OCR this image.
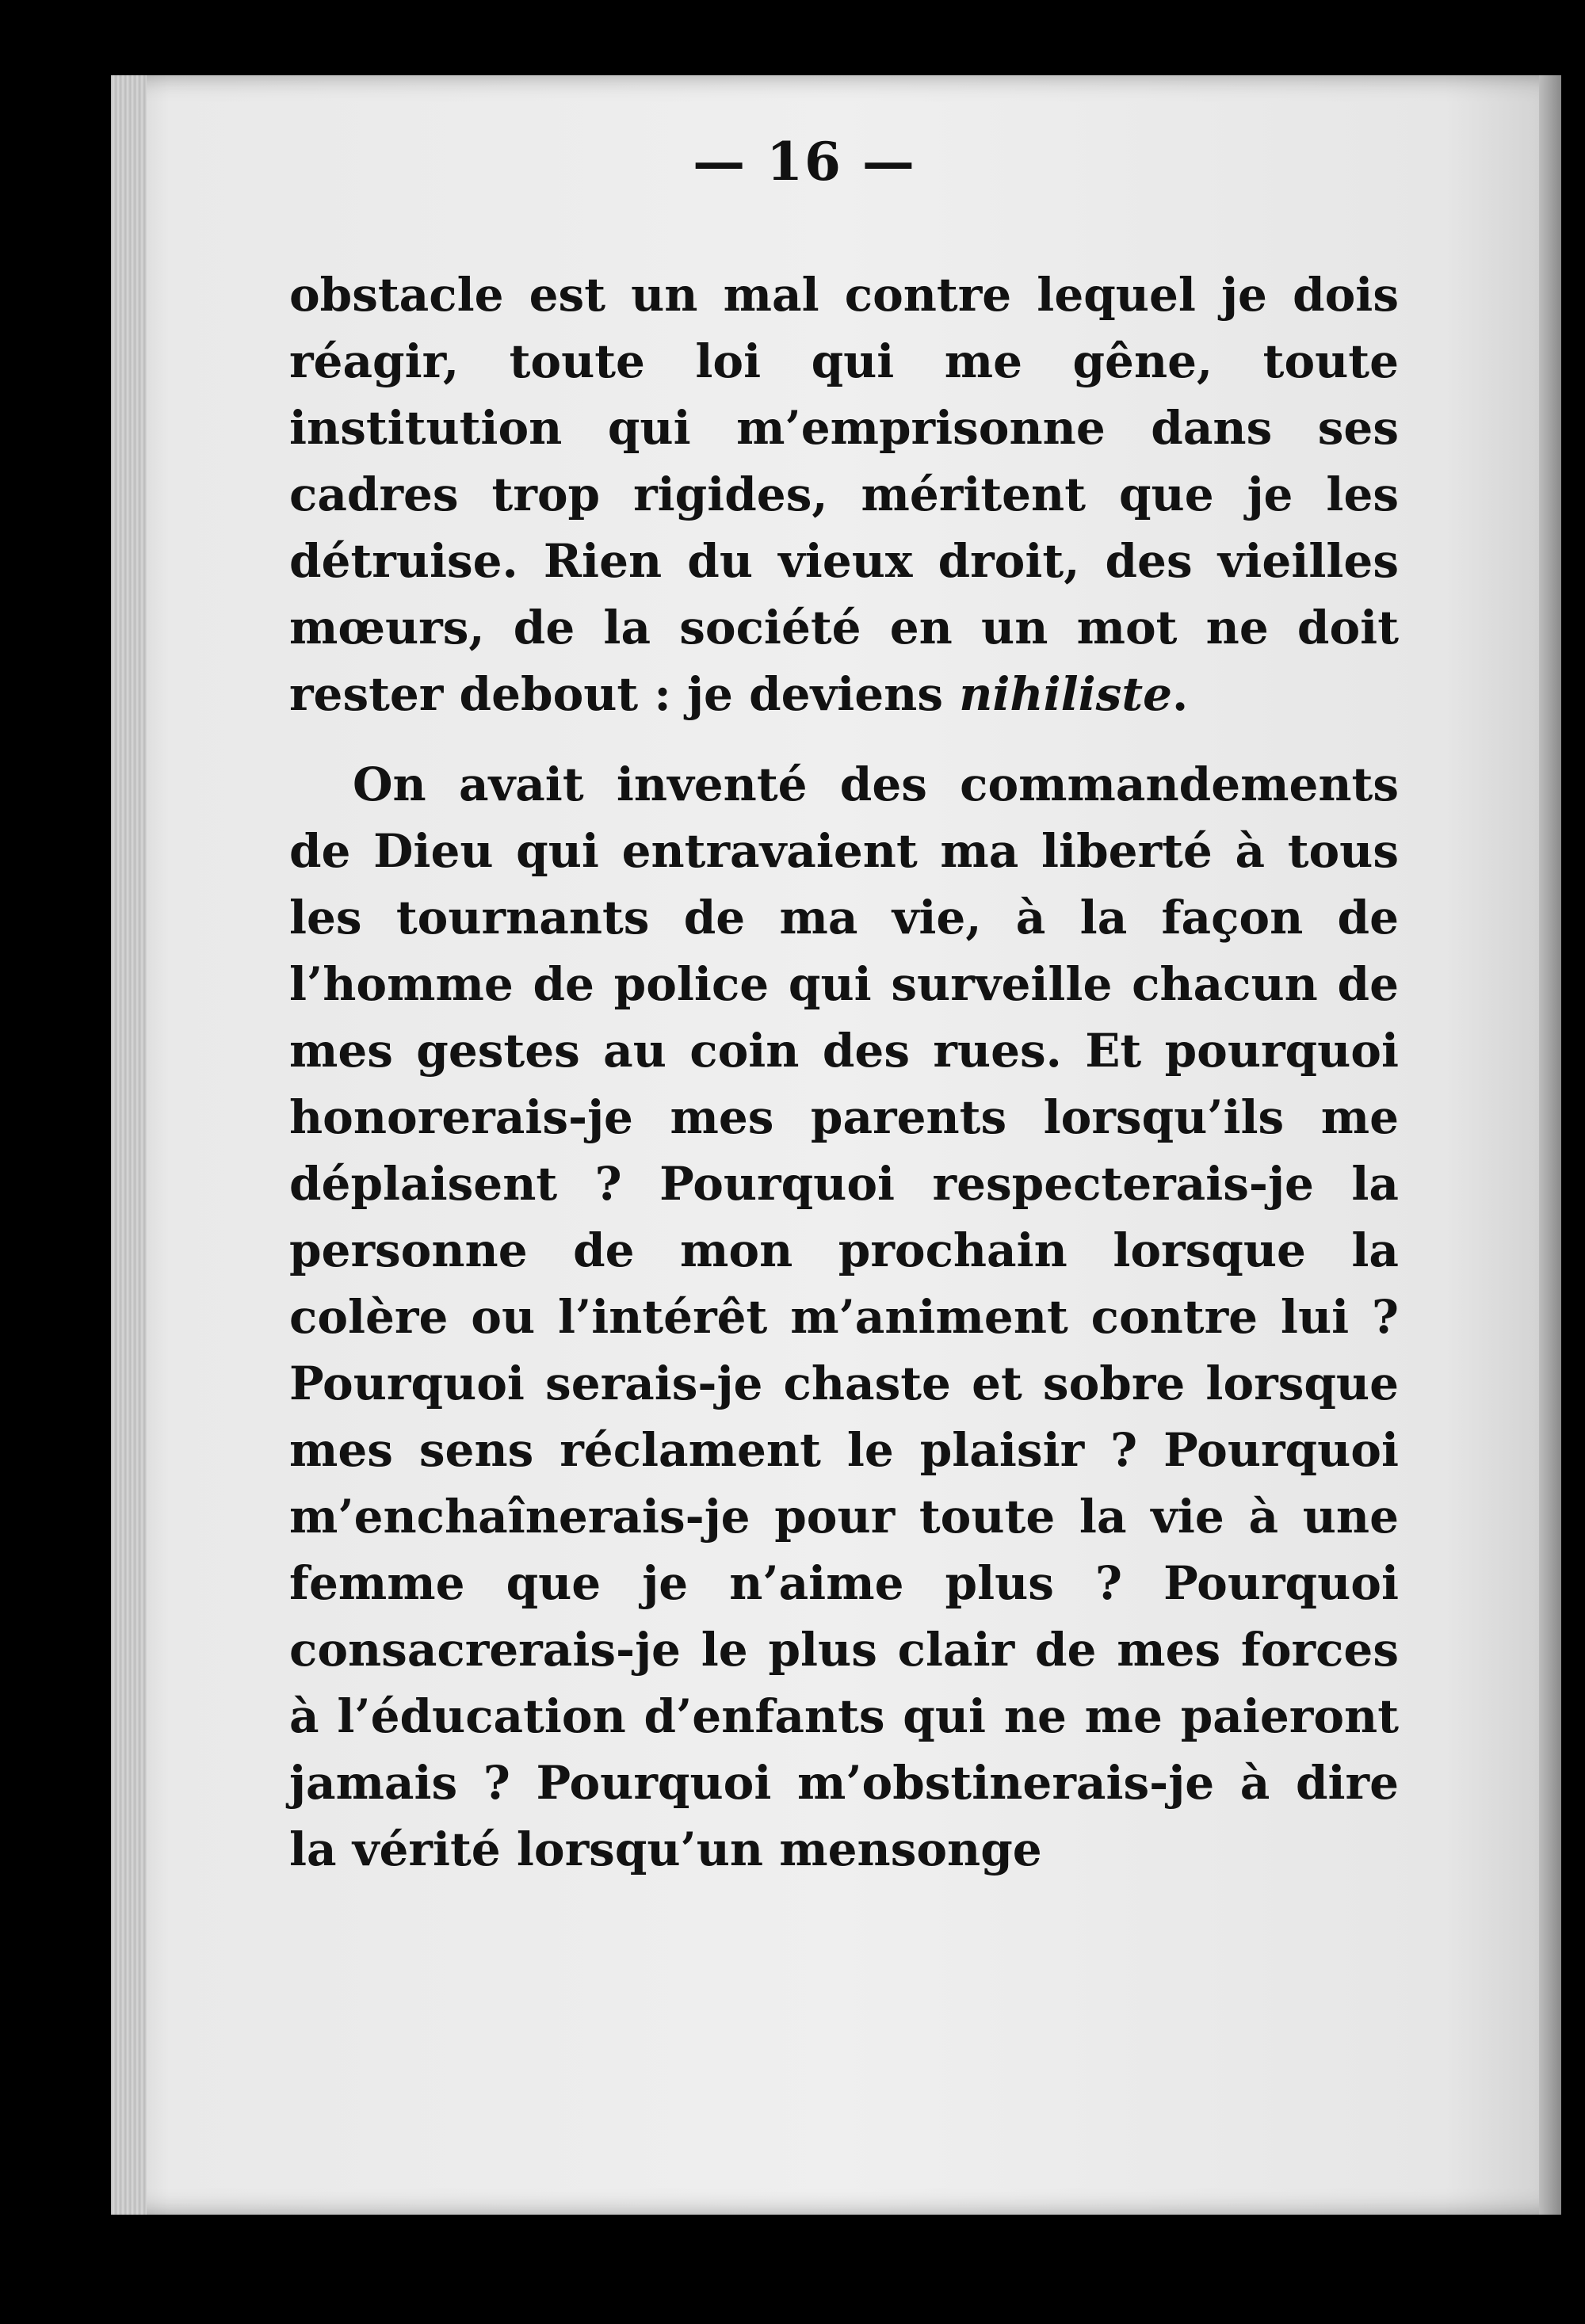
— 16 —

obstacle est un mal contre lequel je dois réagir, toute loi qui me gêne, toute institution qui m’emprisonne dans ses cadres trop rigides, méritent que je les détruise. Rien du vieux droit, des vieilles mœurs, de la société en un mot ne doit rester debout : je deviens nihiliste.

On avait inventé des commandements de Dieu qui entravaient ma liberté à tous les tournants de ma vie, à la façon de l’homme de police qui surveille chacun de mes gestes au coin des rues. Et pourquoi honorerais-je mes parents lorsqu’ils me déplaisent ? Pourquoi respecterais-je la personne de mon prochain lorsque la colère ou l’intérêt m’animent contre lui ? Pourquoi serais-je chaste et sobre lorsque mes sens réclament le plaisir ? Pourquoi m’enchaînerais-je pour toute la vie à une femme que je n’aime plus ? Pourquoi consacrerais-je le plus clair de mes forces à l’éducation d’enfants qui ne me paieront jamais ? Pourquoi m’obstinerais-je à dire la vérité lorsqu’un mensonge
